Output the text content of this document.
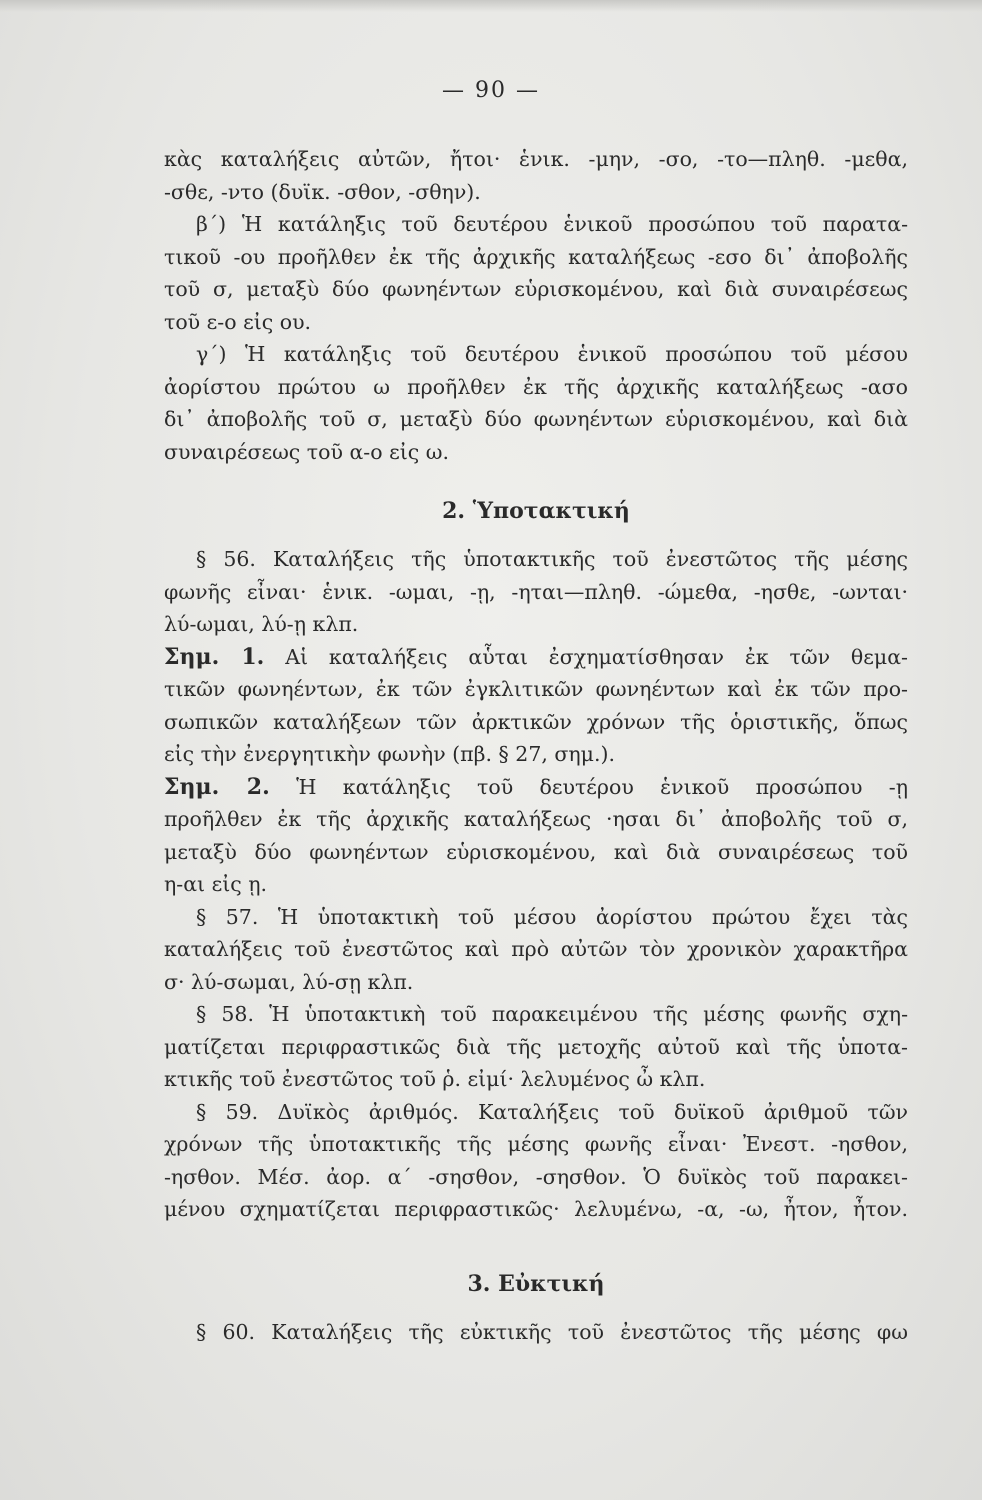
— 90 —
κὰς καταλήξεις αὐτῶν, ἤτοι· ἑνικ. -μην, -σο, -το—πληθ. -μεθα,
-σθε, -ντο (δυϊκ. -σθον, -σθην).
β΄) Ἡ κατάληξις τοῦ δευτέρου ἑνικοῦ προσώπου τοῦ παρατα-
τικοῦ -ου προῆλθεν ἐκ τῆς ἀρχικῆς καταλήξεως -εσο δι᾽ ἀποβολῆς
τοῦ σ, μεταξὺ δύο φωνηέντων εὑρισκομένου, καὶ διὰ συναιρέσεως
τοῦ ε-ο εἰς ου.
γ΄) Ἡ κατάληξις τοῦ δευτέρου ἑνικοῦ προσώπου τοῦ μέσου
ἀορίστου πρώτου ω προῆλθεν ἐκ τῆς ἀρχικῆς καταλήξεως -ασο
δι᾽ ἀποβολῆς τοῦ σ, μεταξὺ δύο φωνηέντων εὑρισκομένου, καὶ διὰ
συναιρέσεως τοῦ α-ο εἰς ω.
2. Ὑποτακτική
§ 56. Καταλήξεις τῆς ὑποτακτικῆς τοῦ ἐνεστῶτος τῆς μέσης
φωνῆς εἶναι· ἑνικ. -ωμαι, -ῃ, -ηται—πληθ. -ώμεθα, -ησθε, -ωνται·
λύ-ωμαι, λύ-ῃ κλπ.
Σημ. 1. Αἱ καταλήξεις αὗται ἐσχηματίσθησαν ἐκ τῶν θεμα-
τικῶν φωνηέντων, ἐκ τῶν ἐγκλιτικῶν φωνηέντων καὶ ἐκ τῶν προ-
σωπικῶν καταλήξεων τῶν ἀρκτικῶν χρόνων τῆς ὁριστικῆς, ὅπως
εἰς τὴν ἐνεργητικὴν φωνὴν (πβ. § 27, σημ.).
Σημ. 2. Ἡ κατάληξις τοῦ δευτέρου ἑνικοῦ προσώπου -ῃ
προῆλθεν ἐκ τῆς ἀρχικῆς καταλήξεως ·ησαι δι᾽ ἀποβολῆς τοῦ σ,
μεταξὺ δύο φωνηέντων εὑρισκομένου, καὶ διὰ συναιρέσεως τοῦ
η-αι εἰς ῃ.
§ 57. Ἡ ὑποτακτικὴ τοῦ μέσου ἀορίστου πρώτου ἔχει τὰς
καταλήξεις τοῦ ἐνεστῶτος καὶ πρὸ αὐτῶν τὸν χρονικὸν χαρακτῆρα
σ· λύ-σωμαι, λύ-σῃ κλπ.
§ 58. Ἡ ὑποτακτικὴ τοῦ παρακειμένου τῆς μέσης φωνῆς σχη-
ματίζεται περιφραστικῶς διὰ τῆς μετοχῆς αὐτοῦ καὶ τῆς ὑποτα-
κτικῆς τοῦ ἐνεστῶτος τοῦ ῥ. εἰμί· λελυμένος ὦ κλπ.
§ 59. Δυϊκὸς ἀριθμός. Καταλήξεις τοῦ δυϊκοῦ ἀριθμοῦ τῶν
χρόνων τῆς ὑποτακτικῆς τῆς μέσης φωνῆς εἶναι· Ἐνεστ. -ησθον,
-ησθον. Μέσ. ἀορ. α΄ -σησθον, -σησθον. Ὁ δυϊκὸς τοῦ παρακει-
μένου σχηματίζεται περιφραστικῶς· λελυμένω, -α, -ω, ἦτον, ἦτον.
3. Εὐκτική
§ 60. Καταλήξεις τῆς εὐκτικῆς τοῦ ἐνεστῶτος τῆς μέσης φω
